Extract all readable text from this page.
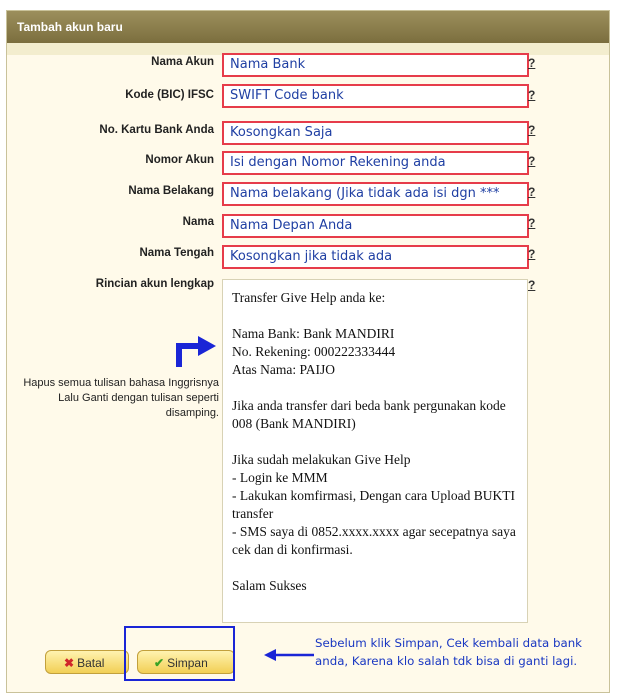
Tambah akun baru
Nama Akun
Kode (BIC) IFSC
No. Kartu Bank Anda
Nomor Akun
Nama Belakang
Nama
Nama Tengah
Rincian akun lengkap
Nama Bank
SWIFT Code bank
Kosongkan Saja
Isi dengan Nomor Rekening anda
Nama belakang (Jika tidak ada isi dgn ***
Nama Depan Anda
Kosongkan jika tidak ada
?
?
?
?
?
?
?
?
Transfer Give Help anda ke:

Nama Bank: Bank MANDIRI
No. Rekening: 000222333444
Atas Nama: PAIJO

Jika anda transfer dari beda bank pergunakan kode 008 (Bank MANDIRI)

Jika sudah melakukan Give Help
- Login ke MMM
- Lakukan komfirmasi, Dengan cara Upload BUKTI transfer
- SMS saya di 0852.xxxx.xxxx agar secepatnya saya cek dan di konfirmasi.

Salam Sukses
Hapus semua tulisan bahasa Inggrisnya Lalu Ganti dengan tulisan seperti disamping.
✖ Batal	✔ Simpan
Sebelum klik Simpan, Cek kembali data bank
anda, Karena klo salah tdk bisa di ganti lagi.
